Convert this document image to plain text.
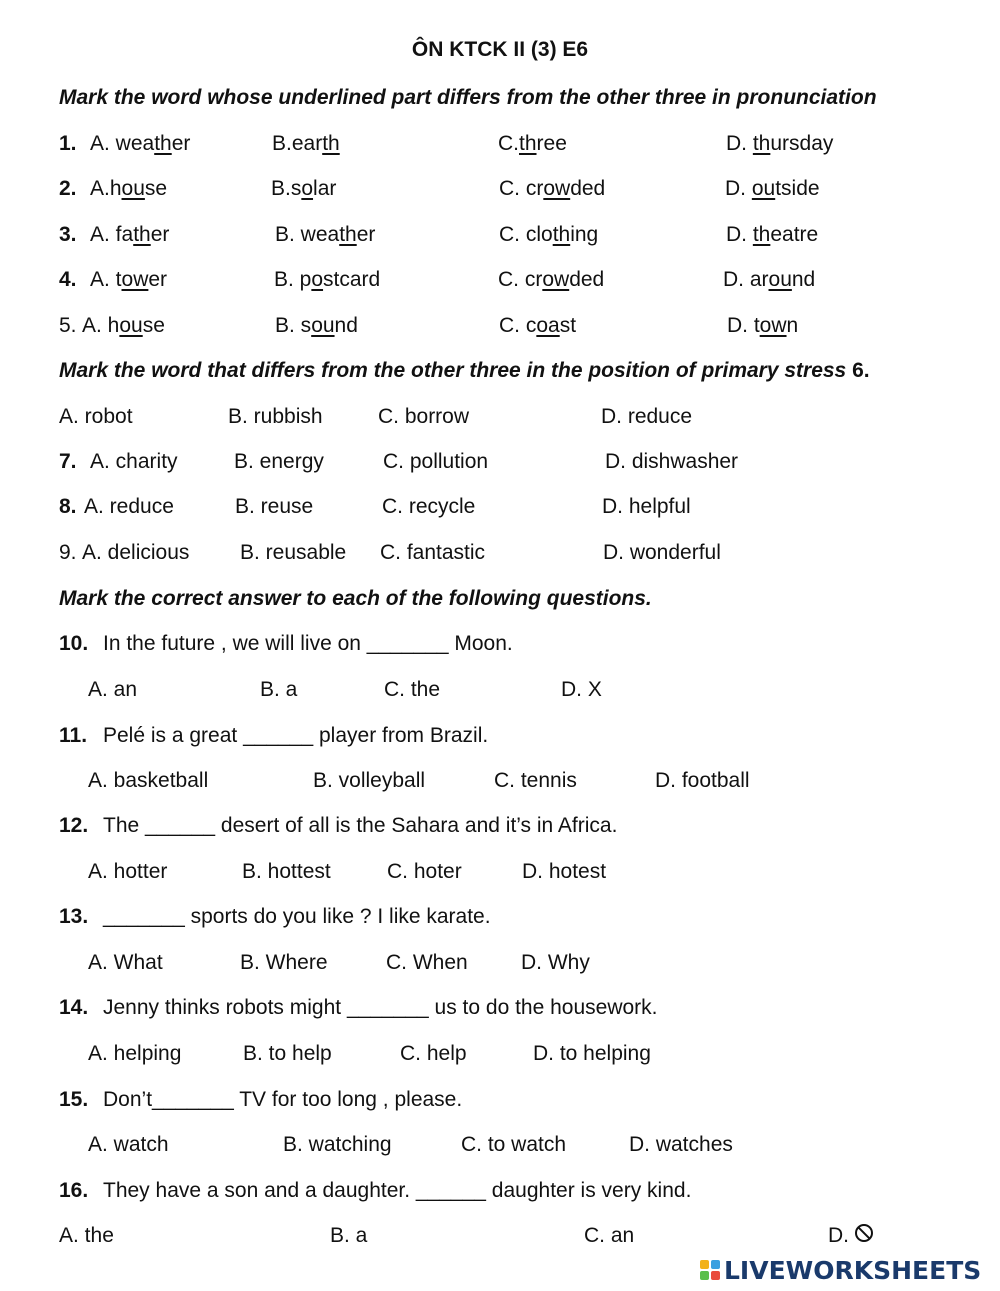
ÔN KTCK II (3) E6
Mark the word whose underlined part differs from the other three in pronunciation
1. A. weather	B.earth	C.three	D. thursday
2. A.house	B.solar	C. crowded	D. outside
3. A. father	B. weather	C. clothing	D. theatre
4. A. tower	B. postcard	C. crowded	D. around
5. A. house	B. sound	C. coast	D. town
Mark the word that differs from the other three in the position of primary stress 6.
A. robot	B. rubbish	C. borrow	D. reduce
7. A. charity	B. energy	C. pollution	D. dishwasher
8. A. reduce	B. reuse	C. recycle	D. helpful
9. A. delicious B. reusable C. fantastic	D. wonderful
Mark the correct answer to each of the following questions.
10. In the future , we will live on _______ Moon.
A. an	B. a	C. the	D. X
11. Pelé is a great ______ player from Brazil.
A. basketball	B. volleyball	C. tennis	D. football
12. The ______ desert of all is the Sahara and it’s in Africa.
A. hotter	B. hottest	C. hoter	D. hotest
13. _______ sports do you like ? I like karate.
A. What	B. Where	C. When	D. Why
14. Jenny thinks robots might _______ us to do the housework.
A. helping	B. to help	C. help	D. to helping
15. Don’t_______ TV for too long , please.
A. watch	B. watching	C. to watch	D. watches
16. They have a son and a daughter. ______ daughter is very kind.
A. the	B. a	C. an	D.
LIVEWORKSHEETS
